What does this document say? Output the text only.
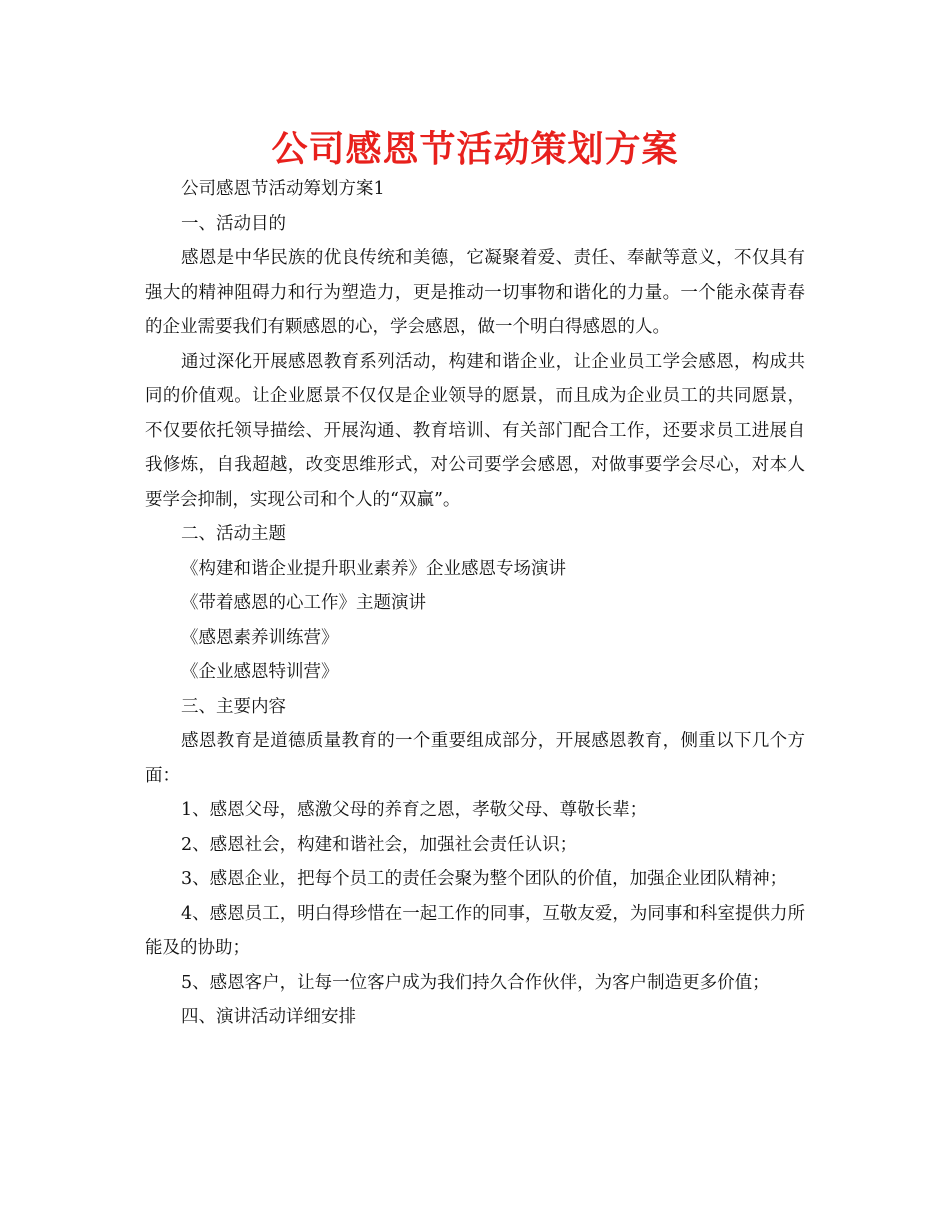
公司感恩节活动策划方案

公司感恩节活动筹划方案1

一、活动目的

感恩是中华民族的优良传统和美德，它凝聚着爱、责任、奉献等意义，不仅具有强大的精神阻碍力和行为塑造力，更是推动一切事物和谐化的力量。一个能永葆青春的企业需要我们有颗感恩的心，学会感恩，做一个明白得感恩的人。

通过深化开展感恩教育系列活动，构建和谐企业，让企业员工学会感恩，构成共同的价值观。让企业愿景不仅仅是企业领导的愿景，而且成为企业员工的共同愿景，不仅要依托领导描绘、开展沟通、教育培训、有关部门配合工作，还要求员工进展自我修炼，自我超越，改变思维形式，对公司要学会感恩，对做事要学会尽心，对本人要学会抑制，实现公司和个人的“双赢”。

二、活动主题

《构建和谐企业提升职业素养》企业感恩专场演讲

《带着感恩的心工作》主题演讲

《感恩素养训练营》

《企业感恩特训营》

三、主要内容

感恩教育是道德质量教育的一个重要组成部分，开展感恩教育，侧重以下几个方面：

1、感恩父母，感激父母的养育之恩，孝敬父母、尊敬长辈；

2、感恩社会，构建和谐社会，加强社会责任认识；

3、感恩企业，把每个员工的责任会聚为整个团队的价值，加强企业团队精神；

4、感恩员工，明白得珍惜在一起工作的同事，互敬友爱，为同事和科室提供力所能及的协助；

5、感恩客户，让每一位客户成为我们持久合作伙伴，为客户制造更多价值；

四、演讲活动详细安排
